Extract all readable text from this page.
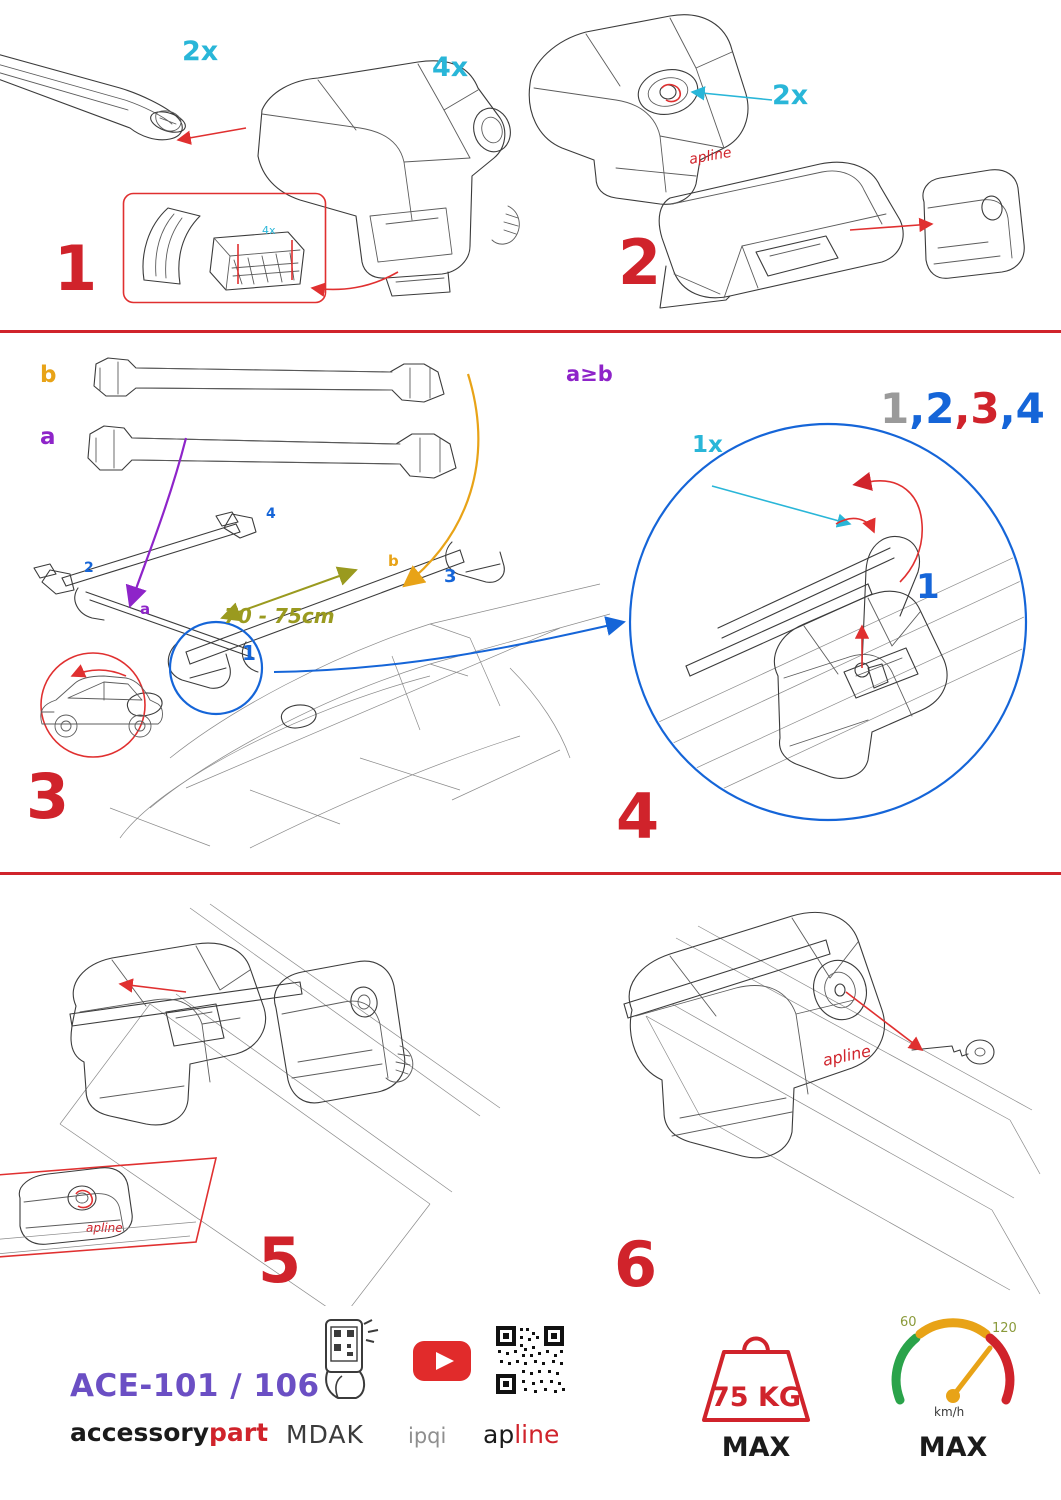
4x
2x
4x
1
apline
2x
2
1
2
4
3
b
a
a
b
70 - 75cm
3
a≥b
1,2,3,4
1
1x
4
apline 5
apline
6
ACE-101 / 106
accessorypart MDAK ipqi apline
75 KG
MAX
60	120
km/h
MAX
